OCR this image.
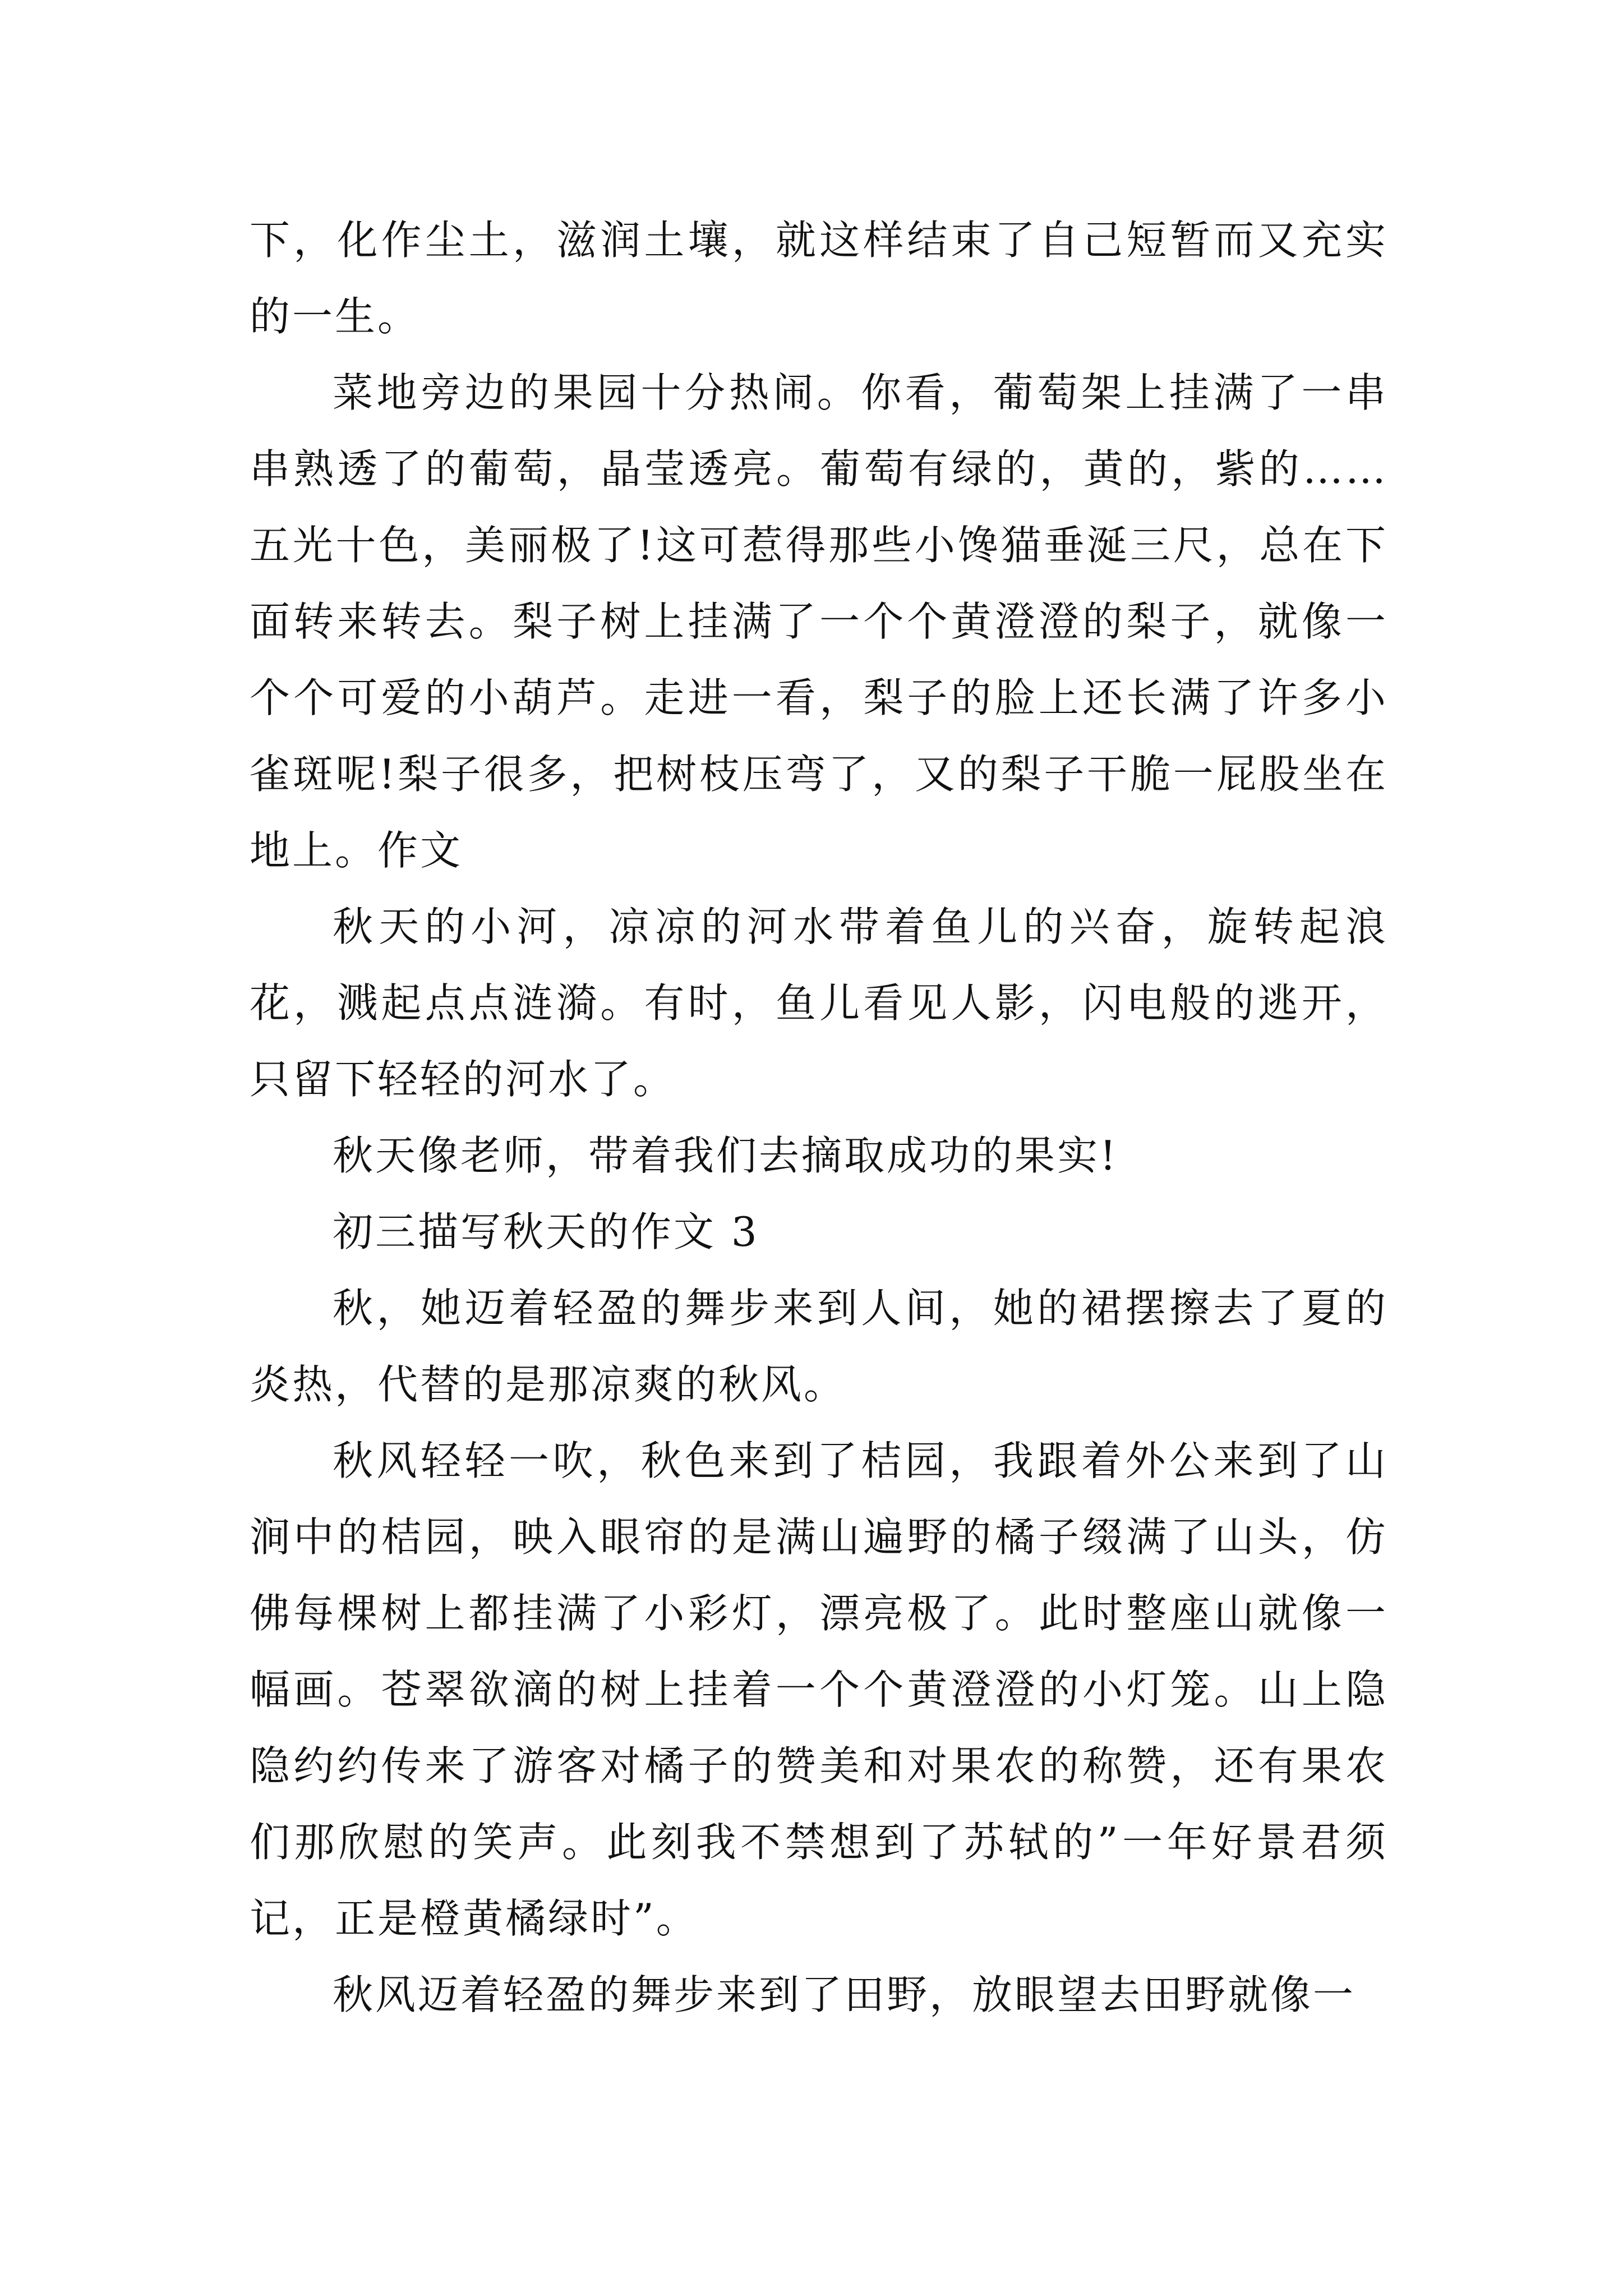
下，化作尘土，滋润土壤，就这样结束了自己短暂而又充实的一生。

菜地旁边的果园十分热闹。你看，葡萄架上挂满了一串串熟透了的葡萄，晶莹透亮。葡萄有绿的，黄的，紫的……五光十色，美丽极了!这可惹得那些小馋猫垂涎三尺，总在下面转来转去。梨子树上挂满了一个个黄澄澄的梨子，就像一个个可爱的小葫芦。走进一看，梨子的脸上还长满了许多小雀斑呢!梨子很多，把树枝压弯了，又的梨子干脆一屁股坐在地上。作文

秋天的小河，凉凉的河水带着鱼儿的兴奋，旋转起浪花，溅起点点涟漪。有时，鱼儿看见人影，闪电般的逃开，只留下轻轻的河水了。

秋天像老师，带着我们去摘取成功的果实!

初三描写秋天的作文 3

秋，她迈着轻盈的舞步来到人间，她的裙摆擦去了夏的炎热，代替的是那凉爽的秋风。

秋风轻轻一吹，秋色来到了桔园，我跟着外公来到了山涧中的桔园，映入眼帘的是满山遍野的橘子缀满了山头，仿佛每棵树上都挂满了小彩灯，漂亮极了。此时整座山就像一幅画。苍翠欲滴的树上挂着一个个黄澄澄的小灯笼。山上隐隐约约传来了游客对橘子的赞美和对果农的称赞，还有果农们那欣慰的笑声。此刻我不禁想到了苏轼的”一年好景君须记，正是橙黄橘绿时”。

秋风迈着轻盈的舞步来到了田野，放眼望去田野就像一
